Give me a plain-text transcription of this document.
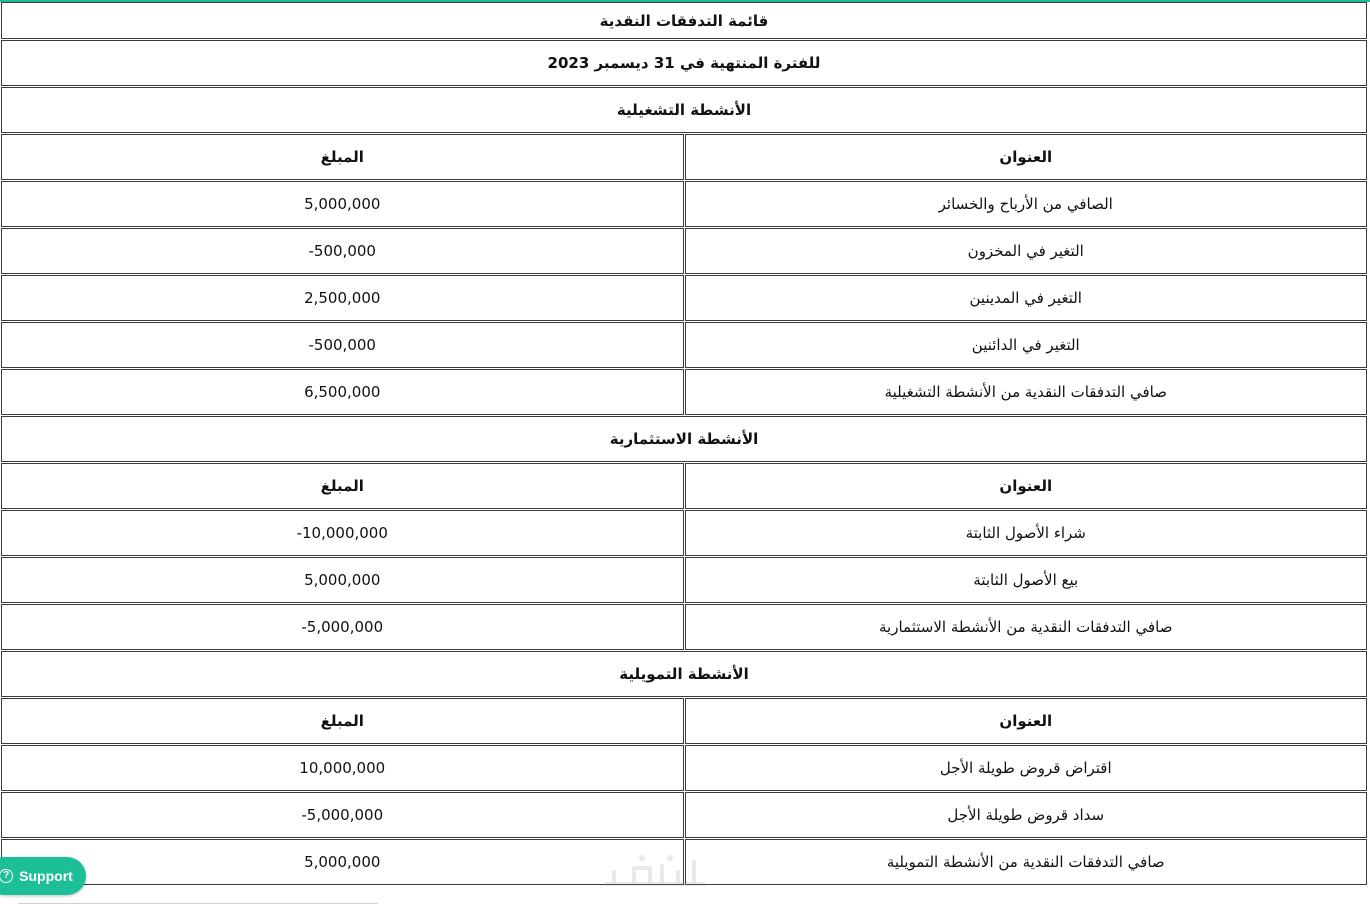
قائمة التدفقات النقدية	
للفترة المنتهية في 31 ديسمبر 2023	
الأنشطة التشغيلية	
العنوان	المبلغ
الصافي من الأرباح والخسائر	5,000,000
التغير في المخزون	-500,000
التغير في المدينين	2,500,000
التغير في الدائنين	-500,000
صافي التدفقات النقدية من الأنشطة التشغيلية	6,500,000
الأنشطة الاستثمارية	
العنوان	المبلغ
شراء الأصول الثابتة	-10,000,000
بيع الأصول الثابتة	5,000,000
صافي التدفقات النقدية من الأنشطة الاستثمارية	-5,000,000
الأنشطة التمويلية	
العنوان	المبلغ
اقتراض قروض طويلة الأجل	10,000,000
سداد قروض طويلة الأجل	-5,000,000
صافي التدفقات النقدية من الأنشطة التمويلية	5,000,000
? Support
